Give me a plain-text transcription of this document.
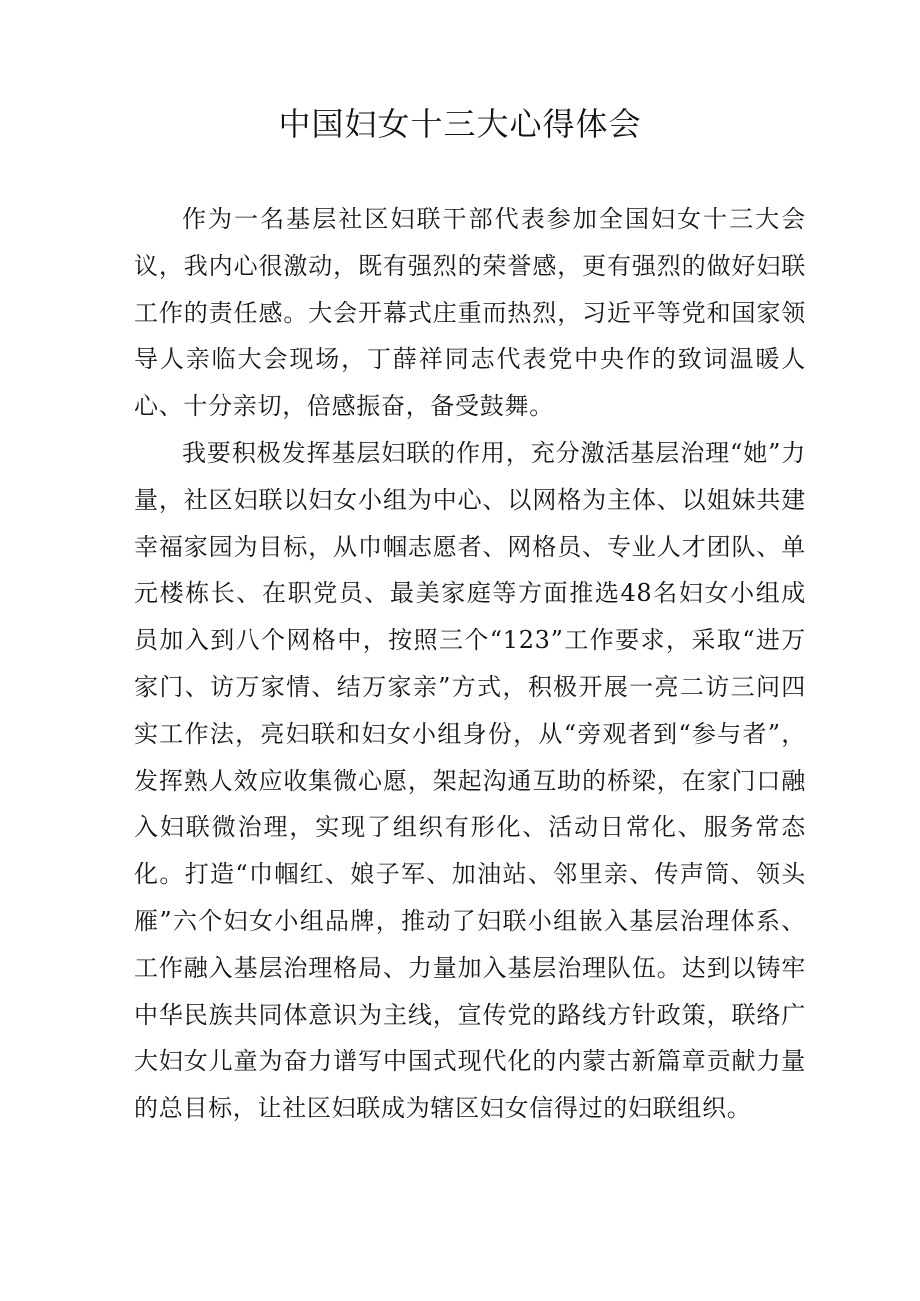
中国妇女十三大心得体会

作为一名基层社区妇联干部代表参加全国妇女十三大会议，我内心很激动，既有强烈的荣誉感，更有强烈的做好妇联工作的责任感。大会开幕式庄重而热烈，习近平等党和国家领导人亲临大会现场，丁薛祥同志代表党中央作的致词温暖人心、十分亲切，倍感振奋，备受鼓舞。

我要积极发挥基层妇联的作用，充分激活基层治理“她”力量，社区妇联以妇女小组为中心、以网格为主体、以姐妹共建幸福家园为目标，从巾帼志愿者、网格员、专业人才团队、单元楼栋长、在职党员、最美家庭等方面推选48名妇女小组成员加入到八个网格中，按照三个“123”工作要求，采取“进万家门、访万家情、结万家亲”方式，积极开展一亮二访三问四实工作法，亮妇联和妇女小组身份，从“旁观者到“参与者”，发挥熟人效应收集微心愿，架起沟通互助的桥梁，在家门口融入妇联微治理，实现了组织有形化、活动日常化、服务常态化。打造“巾帼红、娘子军、加油站、邻里亲、传声筒、领头雁”六个妇女小组品牌，推动了妇联小组嵌入基层治理体系、工作融入基层治理格局、力量加入基层治理队伍。达到以铸牢中华民族共同体意识为主线，宣传党的路线方针政策，联络广大妇女儿童为奋力谱写中国式现代化的内蒙古新篇章贡献力量的总目标，让社区妇联成为辖区妇女信得过的妇联组织。
